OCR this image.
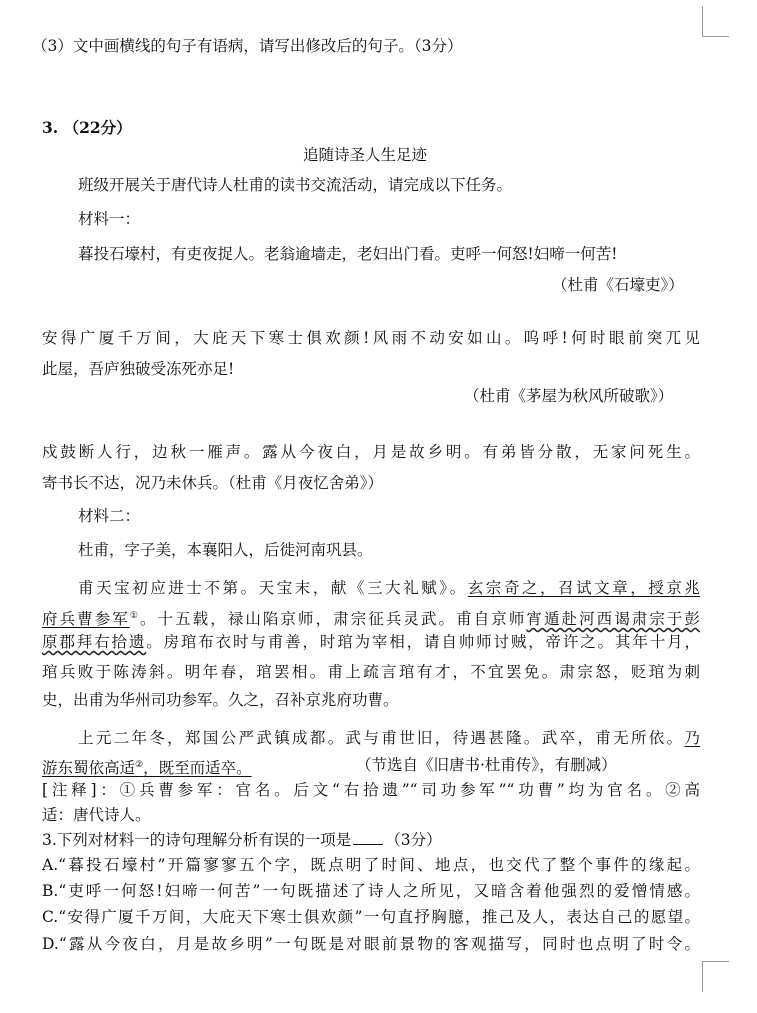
（3）文中画横线的句子有语病，请写出修改后的句子。（3分）
3. （22分）
追随诗圣人生足迹
班级开展关于唐代诗人杜甫的读书交流活动，请完成以下任务。
材料一：
暮投石壕村，有吏夜捉人。老翁逾墙走，老妇出门看。吏呼一何怒!妇啼一何苦!
（杜甫《石壕吏》）
安得广厦千万间，大庇天下寒士俱欢颜!风雨不动安如山。呜呼!何时眼前突兀见
此屋，吾庐独破受冻死亦足!
（杜甫《茅屋为秋风所破歌》）
戍鼓断人行，边秋一雁声。露从今夜白，月是故乡明。有弟皆分散，无家问死生。
寄书长不达，况乃未休兵。（杜甫《月夜忆舍弟》）
材料二：
杜甫，字子美，本襄阳人，后徙河南巩县。
甫天宝初应进士不第。天宝末，献《三大礼赋》。玄宗奇之，召试文章，授京兆
府兵曹参军①。十五载，禄山陷京师，肃宗征兵灵武。甫自京师宵遁赴河西谒肃宗于彭
原郡拜右拾遗。房琯布衣时与甫善，时琯为宰相，请自帅师讨贼，帝许之。其年十月，
琯兵败于陈涛斜。明年春，琯罢相。甫上疏言琯有才，不宜罢免。肃宗怒，贬琯为刺
史，出甫为华州司功参军。久之，召补京兆府功曹。
上元二年冬，郑国公严武镇成都。武与甫世旧，待遇甚隆。武卒，甫无所依。乃
游东蜀依高适②，既至而适卒。	（节选自《旧唐书·杜甫传》，有删减）
[注释]：①兵曹参军：官名。后文“右拾遗”“司功参军”“功曹”均为官名。②高
适：唐代诗人。
3.下列对材料一的诗句理解分析有误的一项是 （3分）
A.“暮投石壕村”开篇寥寥五个字，既点明了时间、地点，也交代了整个事件的缘起。
B.“吏呼一何怒!妇啼一何苦”一句既描述了诗人之所见，又暗含着他强烈的爱憎情感。
C.“安得广厦千万间，大庇天下寒士俱欢颜”一句直抒胸臆，推己及人，表达自己的愿望。
D.“露从今夜白，月是故乡明”一句既是对眼前景物的客观描写，同时也点明了时令。
